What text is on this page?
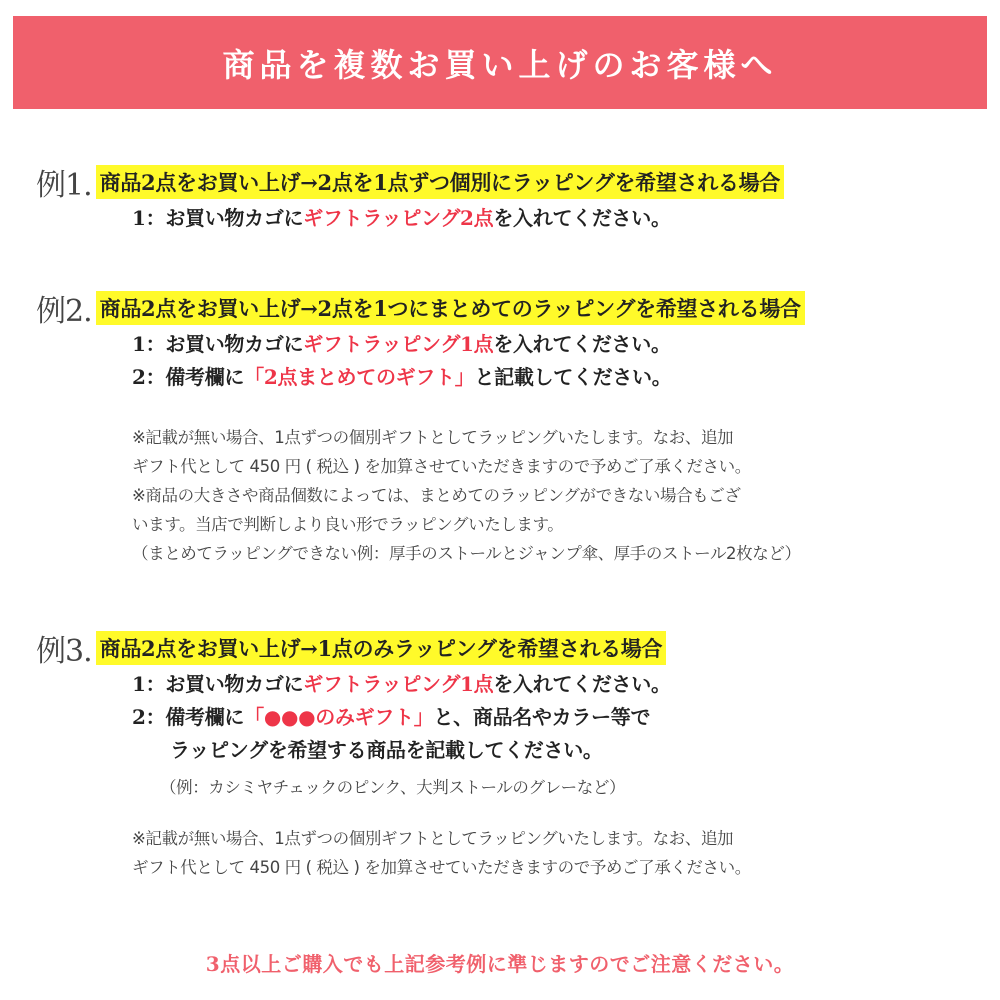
商品を複数お買い上げのお客様へ
例1. 商品2点をお買い上げ→2点を1点ずつ個別にラッピングを希望される場合
1：お買い物カゴにギフトラッピング2点を入れてください。
例2. 商品2点をお買い上げ→2点を1つにまとめてのラッピングを希望される場合
1：お買い物カゴにギフトラッピング1点を入れてください。
2：備考欄に「2点まとめてのギフト」と記載してください。
※記載が無い場合、1点ずつの個別ギフトとしてラッピングいたします。なお、追加
ギフト代として 450 円 ( 税込 ) を加算させていただきますので予めご了承ください。
※商品の大きさや商品個数によっては、まとめてのラッピングができない場合もござ
います。当店で判断しより良い形でラッピングいたします。
（まとめてラッピングできない例：厚手のストールとジャンプ傘、厚手のストール2枚など）
例3. 商品2点をお買い上げ→1点のみラッピングを希望される場合
1：お買い物カゴにギフトラッピング1点を入れてください。
2：備考欄に「●●●のみギフト」と、商品名やカラー等で
ラッピングを希望する商品を記載してください。
（例：カシミヤチェックのピンク、大判ストールのグレーなど）
※記載が無い場合、1点ずつの個別ギフトとしてラッピングいたします。なお、追加
ギフト代として 450 円 ( 税込 ) を加算させていただきますので予めご了承ください。
3点以上ご購入でも上記参考例に準じますのでご注意ください。
